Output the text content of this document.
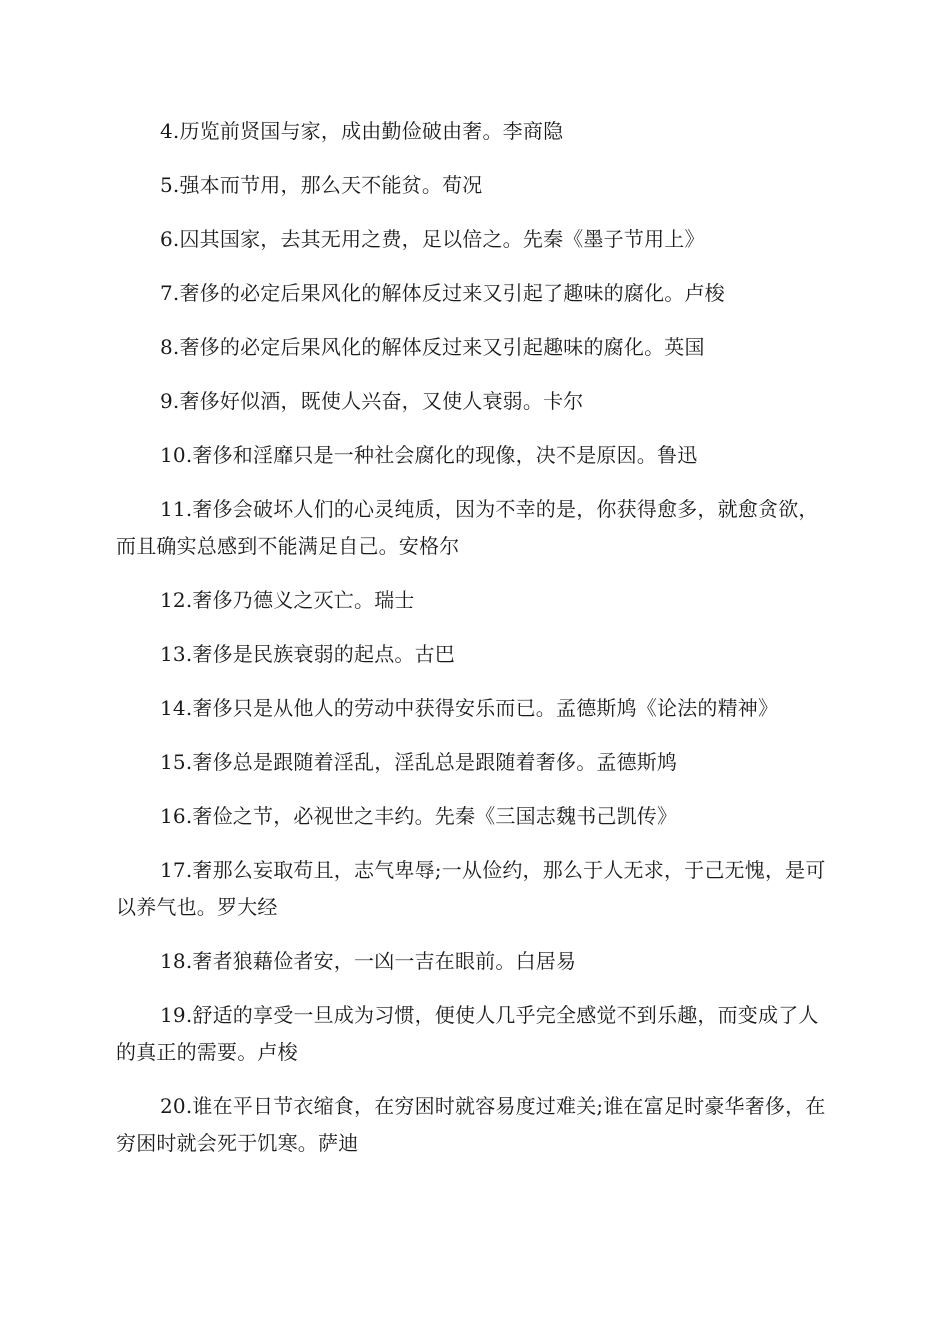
4.历览前贤国与家，成由勤俭破由奢。李商隐

5.强本而节用，那么天不能贫。荀况

6.囚其国家，去其无用之费，足以倍之。先秦《墨子节用上》

7.奢侈的必定后果风化的解体反过来又引起了趣味的腐化。卢梭

8.奢侈的必定后果风化的解体反过来又引起趣味的腐化。英国

9.奢侈好似酒，既使人兴奋，又使人衰弱。卡尔

10.奢侈和淫靡只是一种社会腐化的现像，决不是原因。鲁迅

11.奢侈会破坏人们的心灵纯质，因为不幸的是，你获得愈多，就愈贪欲，而且确实总感到不能满足自己。安格尔

12.奢侈乃德义之灭亡。瑞士

13.奢侈是民族衰弱的起点。古巴

14.奢侈只是从他人的劳动中获得安乐而已。孟德斯鸠《论法的精神》

15.奢侈总是跟随着淫乱，淫乱总是跟随着奢侈。孟德斯鸠

16.奢俭之节，必视世之丰约。先秦《三国志魏书己凯传》

17.奢那么妄取苟且，志气卑辱;一从俭约，那么于人无求，于己无愧，是可以养气也。罗大经

18.奢者狼藉俭者安，一凶一吉在眼前。白居易

19.舒适的享受一旦成为习惯，便使人几乎完全感觉不到乐趣，而变成了人的真正的需要。卢梭

20.谁在平日节衣缩食，在穷困时就容易度过难关;谁在富足时豪华奢侈，在穷困时就会死于饥寒。萨迪
